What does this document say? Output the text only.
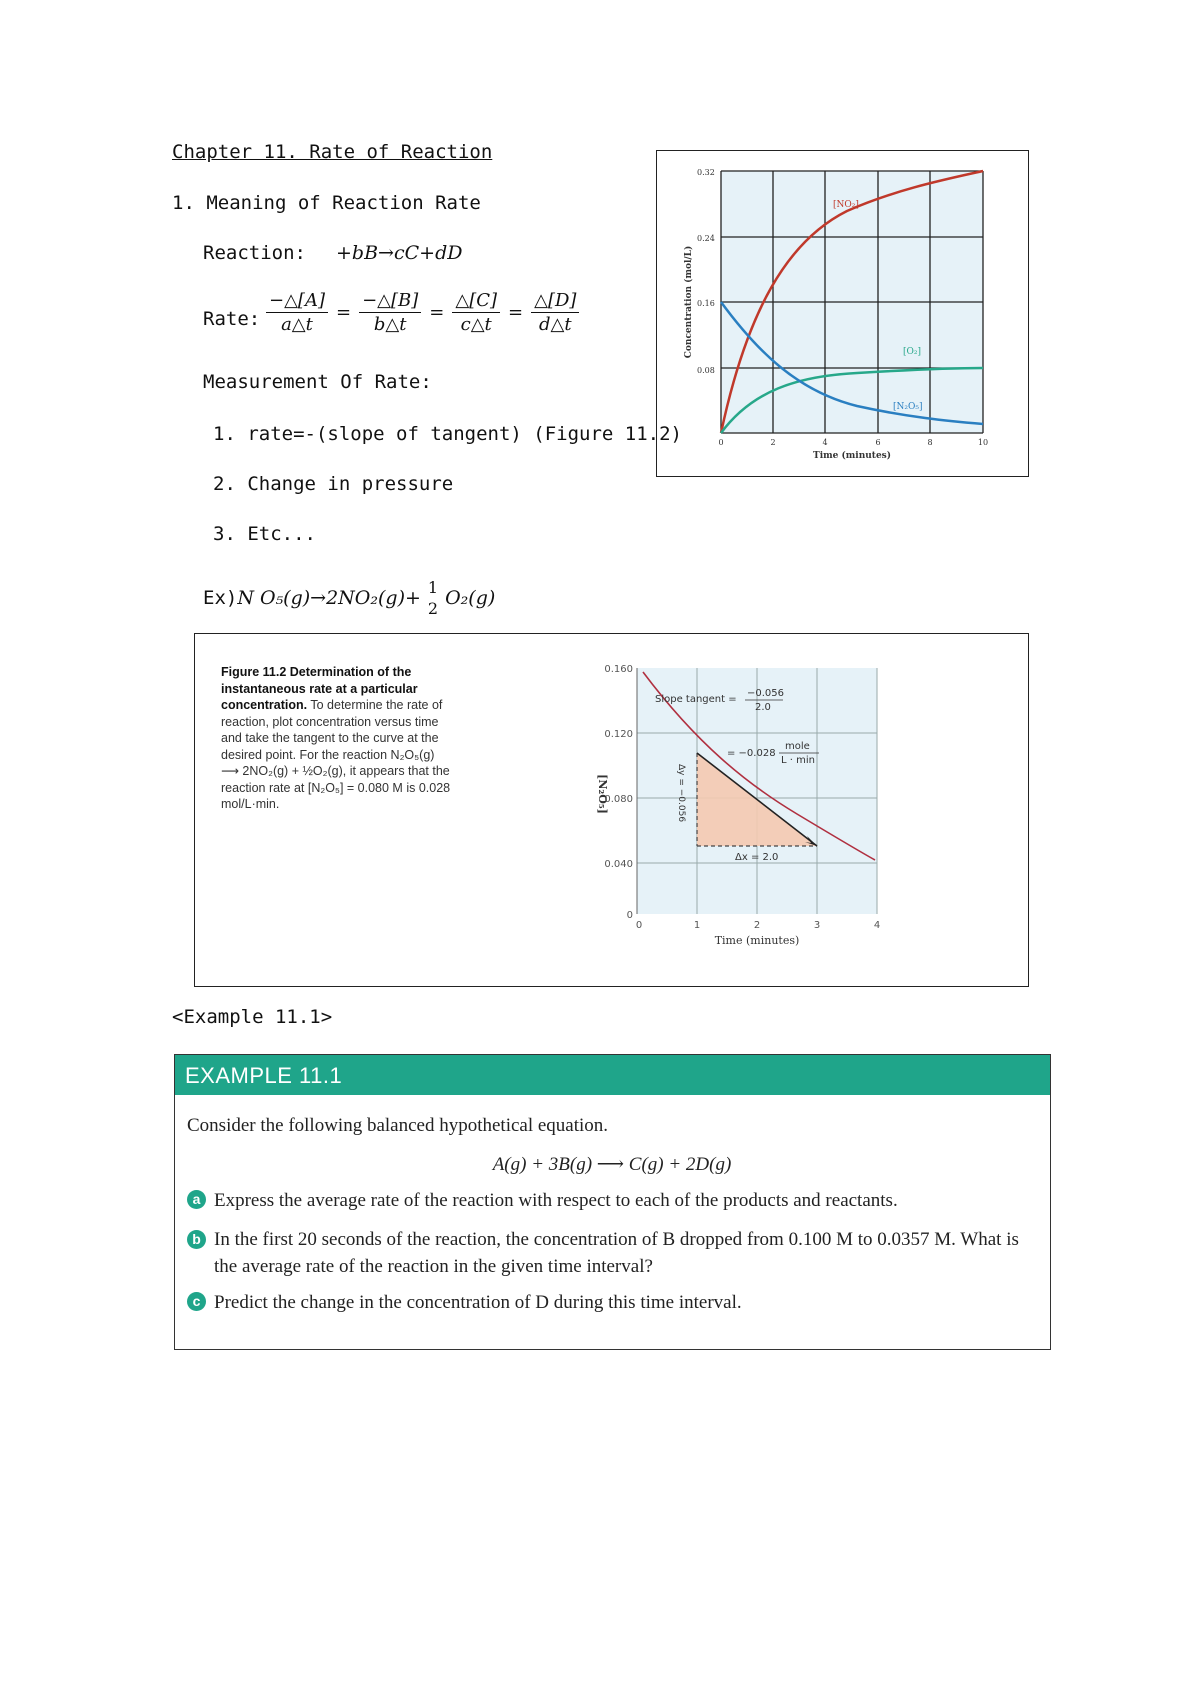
Chapter 11. Rate of Reaction
1. Meaning of Reaction Rate
Reaction: +bB→cC+dD
Rate: $\frac{-\triangle[A]}{a\triangle t} = \frac{-\triangle[B]}{b\triangle t} = \frac{\triangle[C]}{c\triangle t} = \frac{\triangle[D]}{d\triangle t}$
Measurement Of Rate:
1. rate=-(slope of tangent) (Figure 11.2)
2. Change in pressure
3. Etc...
Ex) N O₅(g)→2NO₂(g)+ 1
2 O₂(g)
0.08
0.16
0.24
0.32
0	2	4	6	8	10
Time (minutes)
Concentration (mol/L)
[NO₂]
[O₂]
[N₂O₅]
Figure 11.2 Determination of the instantaneous rate at a particular concentration. To determine the rate of reaction, plot concentration versus time and take the tangent to the curve at the desired point. For the reaction N₂O₅(g) ⟶ 2NO₂(g) + ½O₂(g), it appears that the reaction rate at [N₂O₅] = 0.080 M is 0.028 mol/L·min.
0
0.040
0.080
0.120
0.160
0	1	2	3	4
Time (minutes)
[N₂O₅]
Slope tangent =
−0.056
2.0
= −0.028
mole
L · min
Δy = −0.056
Δx = 2.0
<Example 11.1>
EXAMPLE 11.1
Consider the following balanced hypothetical equation.
A(g) + 3B(g) ⟶ C(g) + 2D(g)
a Express the average rate of the reaction with respect to each of the products and reactants.
b In the first 20 seconds of the reaction, the concentration of B dropped from 0.100 M to 0.0357 M. What is the average rate of the reaction in the given time interval?
c Predict the change in the concentration of D during this time interval.
